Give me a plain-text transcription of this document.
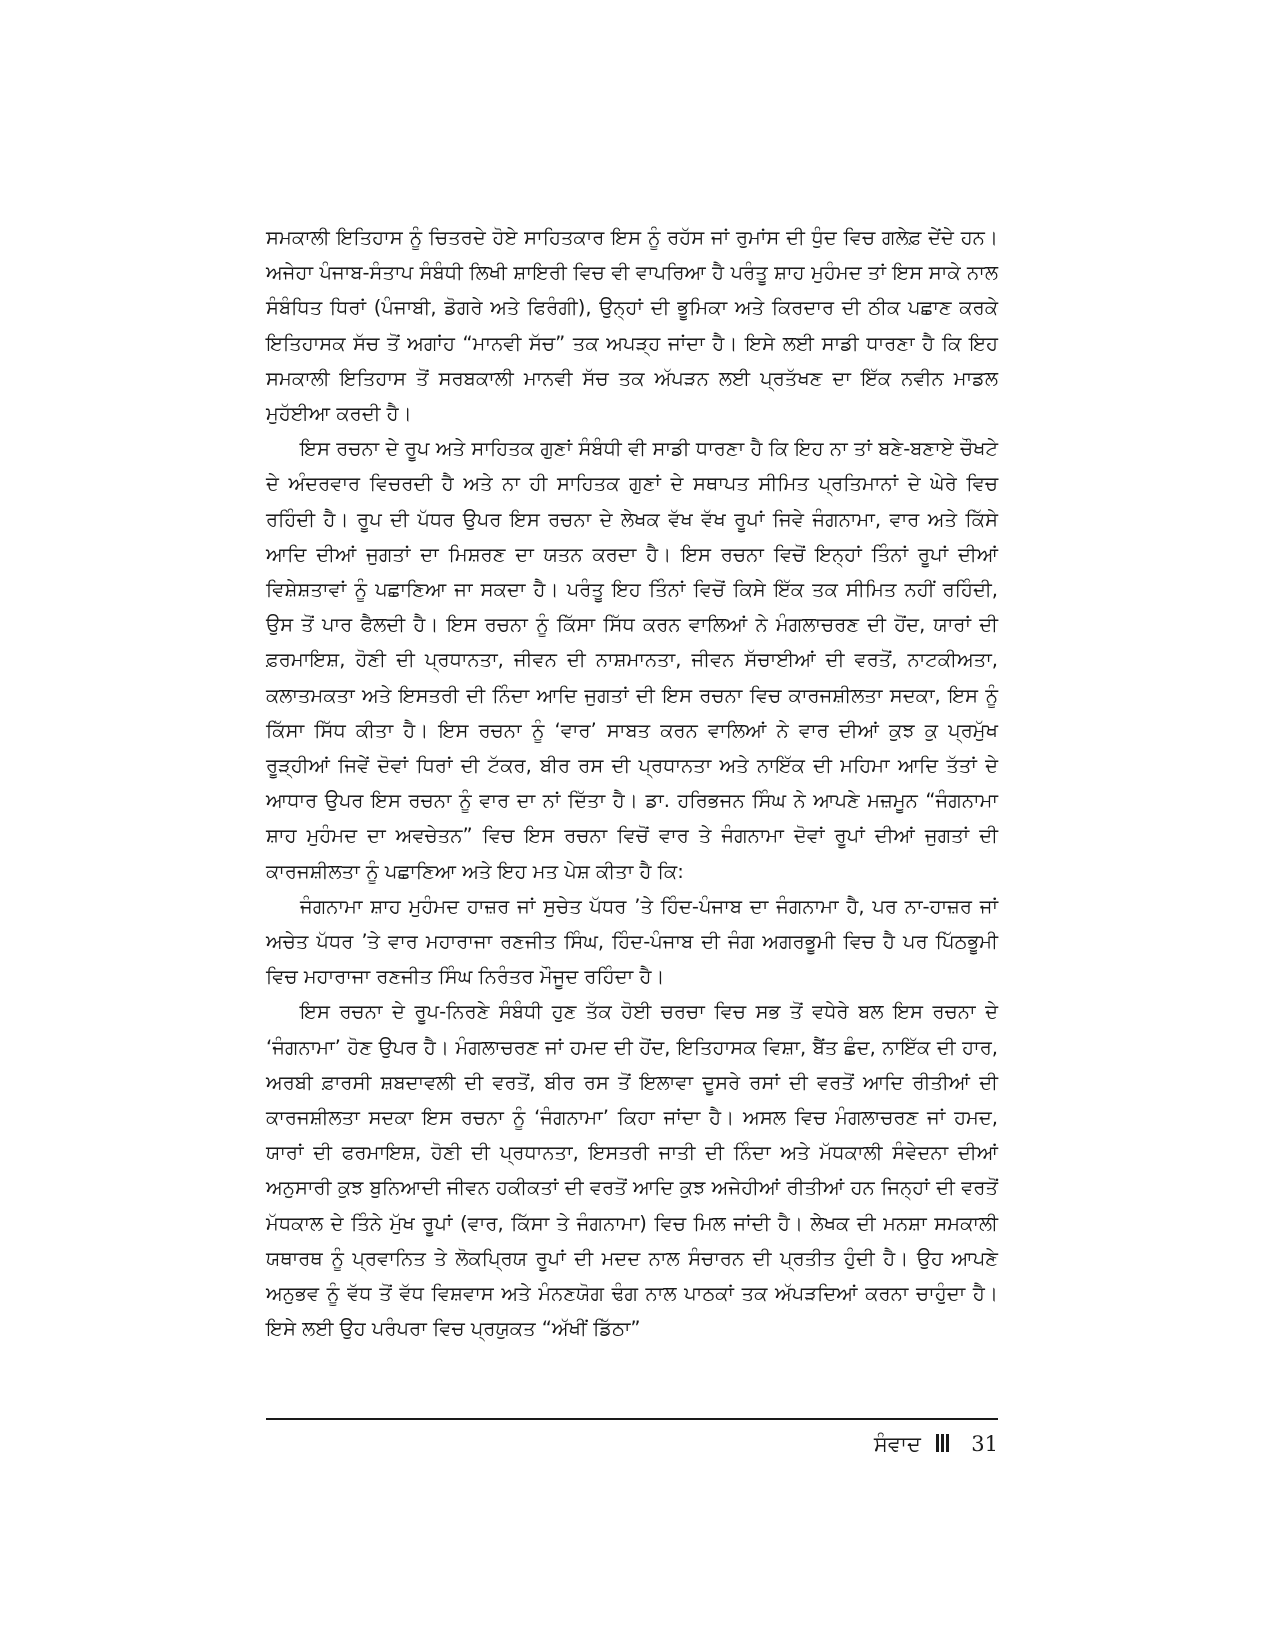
ਸਮਕਾਲੀ ਇਤਿਹਾਸ ਨੂੰ ਚਿਤਰਦੇ ਹੋਏ ਸਾਹਿਤਕਾਰ ਇਸ ਨੂੰ ਰਹੱਸ ਜਾਂ ਰੁਮਾਂਸ ਦੀ ਧੁੰਦ ਵਿਚ ਗਲੇਫ਼ ਦੇਂਦੇ ਹਨ। ਅਜੇਹਾ ਪੰਜਾਬ-ਸੰਤਾਪ ਸੰਬੰਧੀ ਲਿਖੀ ਸ਼ਾਇਰੀ ਵਿਚ ਵੀ ਵਾਪਰਿਆ ਹੈ ਪਰੰਤੂ ਸ਼ਾਹ ਮੁਹੰਮਦ ਤਾਂ ਇਸ ਸਾਕੇ ਨਾਲ ਸੰਬੰਧਿਤ ਧਿਰਾਂ (ਪੰਜਾਬੀ, ਡੋਗਰੇ ਅਤੇ ਫਿਰੰਗੀ), ਉਨ੍ਹਾਂ ਦੀ ਭੂਮਿਕਾ ਅਤੇ ਕਿਰਦਾਰ ਦੀ ਠੀਕ ਪਛਾਣ ਕਰਕੇ ਇਤਿਹਾਸਕ ਸੱਚ ਤੋਂ ਅਗਾਂਹ “ਮਾਨਵੀ ਸੱਚ” ਤਕ ਅਪੜ੍ਹ ਜਾਂਦਾ ਹੈ। ਇਸੇ ਲਈ ਸਾਡੀ ਧਾਰਣਾ ਹੈ ਕਿ ਇਹ ਸਮਕਾਲੀ ਇਤਿਹਾਸ ਤੋਂ ਸਰਬਕਾਲੀ ਮਾਨਵੀ ਸੱਚ ਤਕ ਅੱਪੜਨ ਲਈ ਪ੍ਰਤੱਖਣ ਦਾ ਇੱਕ ਨਵੀਨ ਮਾਡਲ ਮੁਹੱਈਆ ਕਰਦੀ ਹੈ।

ਇਸ ਰਚਨਾ ਦੇ ਰੂਪ ਅਤੇ ਸਾਹਿਤਕ ਗੁਣਾਂ ਸੰਬੰਧੀ ਵੀ ਸਾਡੀ ਧਾਰਣਾ ਹੈ ਕਿ ਇਹ ਨਾ ਤਾਂ ਬਣੇ-ਬਣਾਏ ਚੌਖਟੇ ਦੇ ਅੰਦਰਵਾਰ ਵਿਚਰਦੀ ਹੈ ਅਤੇ ਨਾ ਹੀ ਸਾਹਿਤਕ ਗੁਣਾਂ ਦੇ ਸਥਾਪਤ ਸੀਮਿਤ ਪ੍ਰਤਿਮਾਨਾਂ ਦੇ ਘੇਰੇ ਵਿਚ ਰਹਿੰਦੀ ਹੈ। ਰੂਪ ਦੀ ਪੱਧਰ ਉਪਰ ਇਸ ਰਚਨਾ ਦੇ ਲੇਖਕ ਵੱਖ ਵੱਖ ਰੂਪਾਂ ਜਿਵੇ ਜੰਗਨਾਮਾ, ਵਾਰ ਅਤੇ ਕਿੱਸੇ ਆਦਿ ਦੀਆਂ ਜੁਗਤਾਂ ਦਾ ਮਿਸ਼ਰਣ ਦਾ ਯਤਨ ਕਰਦਾ ਹੈ। ਇਸ ਰਚਨਾ ਵਿਚੋਂ ਇਨ੍ਹਾਂ ਤਿੰਨਾਂ ਰੂਪਾਂ ਦੀਆਂ ਵਿਸ਼ੇਸ਼ਤਾਵਾਂ ਨੂੰ ਪਛਾਣਿਆ ਜਾ ਸਕਦਾ ਹੈ। ਪਰੰਤੂ ਇਹ ਤਿੰਨਾਂ ਵਿਚੋਂ ਕਿਸੇ ਇੱਕ ਤਕ ਸੀਮਿਤ ਨਹੀਂ ਰਹਿੰਦੀ, ਉਸ ਤੋਂ ਪਾਰ ਫੈਲਦੀ ਹੈ। ਇਸ ਰਚਨਾ ਨੂੰ ਕਿੱਸਾ ਸਿੱਧ ਕਰਨ ਵਾਲਿਆਂ ਨੇ ਮੰਗਲਾਚਰਣ ਦੀ ਹੋਂਦ, ਯਾਰਾਂ ਦੀ ਫ਼ਰਮਾਇਸ਼, ਹੋਣੀ ਦੀ ਪ੍ਰਧਾਨਤਾ, ਜੀਵਨ ਦੀ ਨਾਸ਼ਮਾਨਤਾ, ਜੀਵਨ ਸੱਚਾਈਆਂ ਦੀ ਵਰਤੋਂ, ਨਾਟਕੀਅਤਾ, ਕਲਾਤਮਕਤਾ ਅਤੇ ਇਸਤਰੀ ਦੀ ਨਿੰਦਾ ਆਦਿ ਜੁਗਤਾਂ ਦੀ ਇਸ ਰਚਨਾ ਵਿਚ ਕਾਰਜਸ਼ੀਲਤਾ ਸਦਕਾ, ਇਸ ਨੂੰ ਕਿੱਸਾ ਸਿੱਧ ਕੀਤਾ ਹੈ। ਇਸ ਰਚਨਾ ਨੂੰ ‘ਵਾਰ’ ਸਾਬਤ ਕਰਨ ਵਾਲਿਆਂ ਨੇ ਵਾਰ ਦੀਆਂ ਕੁਝ ਕੁ ਪ੍ਰਮੁੱਖ ਰੂੜ੍ਹੀਆਂ ਜਿਵੇਂ ਦੋਵਾਂ ਧਿਰਾਂ ਦੀ ਟੱਕਰ, ਬੀਰ ਰਸ ਦੀ ਪ੍ਰਧਾਨਤਾ ਅਤੇ ਨਾਇੱਕ ਦੀ ਮਹਿਮਾ ਆਦਿ ਤੱਤਾਂ ਦੇ ਆਧਾਰ ਉਪਰ ਇਸ ਰਚਨਾ ਨੂੰ ਵਾਰ ਦਾ ਨਾਂ ਦਿੱਤਾ ਹੈ। ਡਾ. ਹਰਿਭਜਨ ਸਿੰਘ ਨੇ ਆਪਣੇ ਮਜ਼ਮੂਨ “ਜੰਗਨਾਮਾ ਸ਼ਾਹ ਮੁਹੰਮਦ ਦਾ ਅਵਚੇਤਨ” ਵਿਚ ਇਸ ਰਚਨਾ ਵਿਚੋਂ ਵਾਰ ਤੇ ਜੰਗਨਾਮਾ ਦੋਵਾਂ ਰੂਪਾਂ ਦੀਆਂ ਜੁਗਤਾਂ ਦੀ ਕਾਰਜਸ਼ੀਲਤਾ ਨੂੰ ਪਛਾਣਿਆ ਅਤੇ ਇਹ ਮਤ ਪੇਸ਼ ਕੀਤਾ ਹੈ ਕਿ:

ਜੰਗਨਾਮਾ ਸ਼ਾਹ ਮੁਹੰਮਦ ਹਾਜ਼ਰ ਜਾਂ ਸੁਚੇਤ ਪੱਧਰ ’ਤੇ ਹਿੰਦ-ਪੰਜਾਬ ਦਾ ਜੰਗਨਾਮਾ ਹੈ, ਪਰ ਨਾ-ਹਾਜ਼ਰ ਜਾਂ ਅਚੇਤ ਪੱਧਰ ’ਤੇ ਵਾਰ ਮਹਾਰਾਜਾ ਰਣਜੀਤ ਸਿੰਘ, ਹਿੰਦ-ਪੰਜਾਬ ਦੀ ਜੰਗ ਅਗਰਭੂਮੀ ਵਿਚ ਹੈ ਪਰ ਪਿੱਠਭੂਮੀ ਵਿਚ ਮਹਾਰਾਜਾ ਰਣਜੀਤ ਸਿੰਘ ਨਿਰੰਤਰ ਮੌਜੂਦ ਰਹਿੰਦਾ ਹੈ।

ਇਸ ਰਚਨਾ ਦੇ ਰੂਪ-ਨਿਰਣੇ ਸੰਬੰਧੀ ਹੁਣ ਤੱਕ ਹੋਈ ਚਰਚਾ ਵਿਚ ਸਭ ਤੋਂ ਵਧੇਰੇ ਬਲ ਇਸ ਰਚਨਾ ਦੇ ‘ਜੰਗਨਾਮਾ’ ਹੋਣ ਉਪਰ ਹੈ। ਮੰਗਲਾਚਰਣ ਜਾਂ ਹਮਦ ਦੀ ਹੋਂਦ, ਇਤਿਹਾਸਕ ਵਿਸ਼ਾ, ਬੈਂਤ ਛੰਦ, ਨਾਇੱਕ ਦੀ ਹਾਰ, ਅਰਬੀ ਫ਼ਾਰਸੀ ਸ਼ਬਦਾਵਲੀ ਦੀ ਵਰਤੋਂ, ਬੀਰ ਰਸ ਤੋਂ ਇਲਾਵਾ ਦੂਸਰੇ ਰਸਾਂ ਦੀ ਵਰਤੋਂ ਆਦਿ ਰੀਤੀਆਂ ਦੀ ਕਾਰਜਸ਼ੀਲਤਾ ਸਦਕਾ ਇਸ ਰਚਨਾ ਨੂੰ ‘ਜੰਗਨਾਮਾ’ ਕਿਹਾ ਜਾਂਦਾ ਹੈ। ਅਸਲ ਵਿਚ ਮੰਗਲਾਚਰਣ ਜਾਂ ਹਮਦ, ਯਾਰਾਂ ਦੀ ਫਰਮਾਇਸ਼, ਹੋਣੀ ਦੀ ਪ੍ਰਧਾਨਤਾ, ਇਸਤਰੀ ਜਾਤੀ ਦੀ ਨਿੰਦਾ ਅਤੇ ਮੱਧਕਾਲੀ ਸੰਵੇਦਨਾ ਦੀਆਂ ਅਨੁਸਾਰੀ ਕੁਝ ਬੁਨਿਆਦੀ ਜੀਵਨ ਹਕੀਕਤਾਂ ਦੀ ਵਰਤੋਂ ਆਦਿ ਕੁਝ ਅਜੇਹੀਆਂ ਰੀਤੀਆਂ ਹਨ ਜਿਨ੍ਹਾਂ ਦੀ ਵਰਤੋਂ ਮੱਧਕਾਲ ਦੇ ਤਿੰਨੇ ਮੁੱਖ ਰੂਪਾਂ (ਵਾਰ, ਕਿੱਸਾ ਤੇ ਜੰਗਨਾਮਾ) ਵਿਚ ਮਿਲ ਜਾਂਦੀ ਹੈ। ਲੇਖਕ ਦੀ ਮਨਸ਼ਾ ਸਮਕਾਲੀ ਯਥਾਰਥ ਨੂੰ ਪ੍ਰਵਾਨਿਤ ਤੇ ਲੋਕਪ੍ਰਿਯ ਰੂਪਾਂ ਦੀ ਮਦਦ ਨਾਲ ਸੰਚਾਰਨ ਦੀ ਪ੍ਰਤੀਤ ਹੁੰਦੀ ਹੈ। ਉਹ ਆਪਣੇ ਅਨੁਭਵ ਨੂੰ ਵੱਧ ਤੋਂ ਵੱਧ ਵਿਸ਼ਵਾਸ ਅਤੇ ਮੰਨਣਯੋਗ ਢੰਗ ਨਾਲ ਪਾਠਕਾਂ ਤਕ ਅੱਪੜਦਿਆਂ ਕਰਨਾ ਚਾਹੁੰਦਾ ਹੈ। ਇਸੇ ਲਈ ਉਹ ਪਰੰਪਰਾ ਵਿਚ ਪ੍ਰਯੁਕਤ “ਅੱਖੀਂ ਡਿੱਠਾ”

ਸੰਵਾਦ 31
